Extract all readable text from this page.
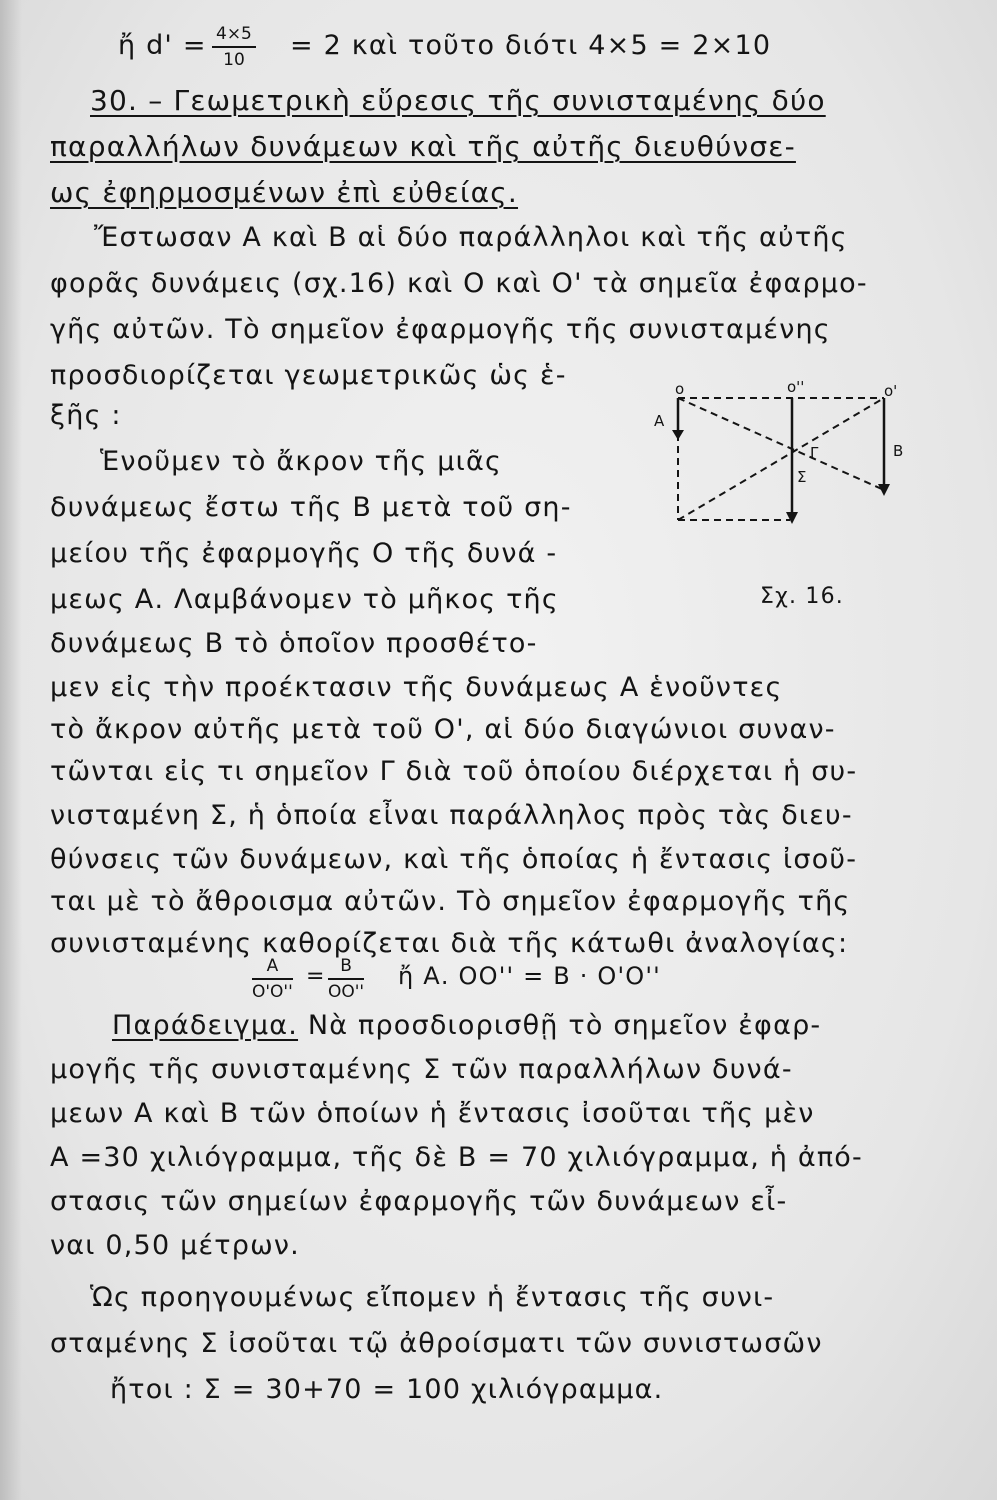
ἤ $d' = \frac{4\times 5}{10} = 2$ καὶ τοῦτο διότι 4×5 = 2×10
30. – Γεωμετρικὴ εὕρεσις τῆς συνισταμένης δύο
παραλλήλων δυνάμεων καὶ τῆς αὐτῆς διευθύνσε-
ως ἐφηρμοσμένων ἐπὶ εὐθείας.
Ἔστωσαν Α καὶ Β αἱ δύο παράλληλοι καὶ τῆς αὐτῆς
φορᾶς δυνάμεις (σχ.16) καὶ Ο καὶ Ο' τὰ σημεῖα ἐφαρμο-
γῆς αὐτῶν. Τὸ σημεῖον ἐφαρμογῆς τῆς συνισταμένης
προσδιορίζεται γεωμετρικῶς ὡς ἑ-
ξῆς :
Ἑνοῦμεν τὸ ἄκρον τῆς μιᾶς
δυνάμεως ἔστω τῆς Β μετὰ τοῦ ση-
μείου τῆς ἐφαρμογῆς Ο τῆς δυνά -
μεως Α. Λαμβάνομεν τὸ μῆκος τῆς
δυνάμεως Β τὸ ὁποῖον προσθέτο-
ο	ο''	ο'
Α
Β
Γ
Σ
Σχ. 16.
μεν εἰς τὴν προέκτασιν τῆς δυνάμεως Α ἑνοῦντες
τὸ ἄκρον αὐτῆς μετὰ τοῦ Ο', αἱ δύο διαγώνιοι συναν-
τῶνται εἰς τι σημεῖον Γ διὰ τοῦ ὁποίου διέρχεται ἡ συ-
νισταμένη Σ, ἡ ὁποία εἶναι παράλληλος πρὸς τὰς διευ-
θύνσεις τῶν δυνάμεων, καὶ τῆς ὁποίας ἡ ἔντασις ἰσοῦ-
ται μὲ τὸ ἄθροισμα αὐτῶν. Τὸ σημεῖον ἐφαρμογῆς τῆς
συνισταμένης καθορίζεται διὰ τῆς κάτωθι ἀναλογίας:
$\frac{A}{O'O''} = \frac{B}{OO''}$ ἤ Α. ΟΟ'' = Β · Ο'Ο''
Παράδειγμα. Νὰ προσδιορισθῇ τὸ σημεῖον ἐφαρ-
μογῆς τῆς συνισταμένης Σ τῶν παραλλήλων δυνά-
μεων Α καὶ Β τῶν ὁποίων ἡ ἔντασις ἰσοῦται τῆς μὲν
Α =30 χιλιόγραμμα, τῆς δὲ Β = 70 χιλιόγραμμα, ἡ ἀπό-
στασις τῶν σημείων ἐφαρμογῆς τῶν δυνάμεων εἶ-
ναι 0,50 μέτρων.
Ὡς προηγουμένως εἴπομεν ἡ ἔντασις τῆς συνι-
σταμένης Σ ἰσοῦται τῷ ἀθροίσματι τῶν συνιστωσῶν
ἤτοι : Σ = 30+70 = 100 χιλιόγραμμα.
